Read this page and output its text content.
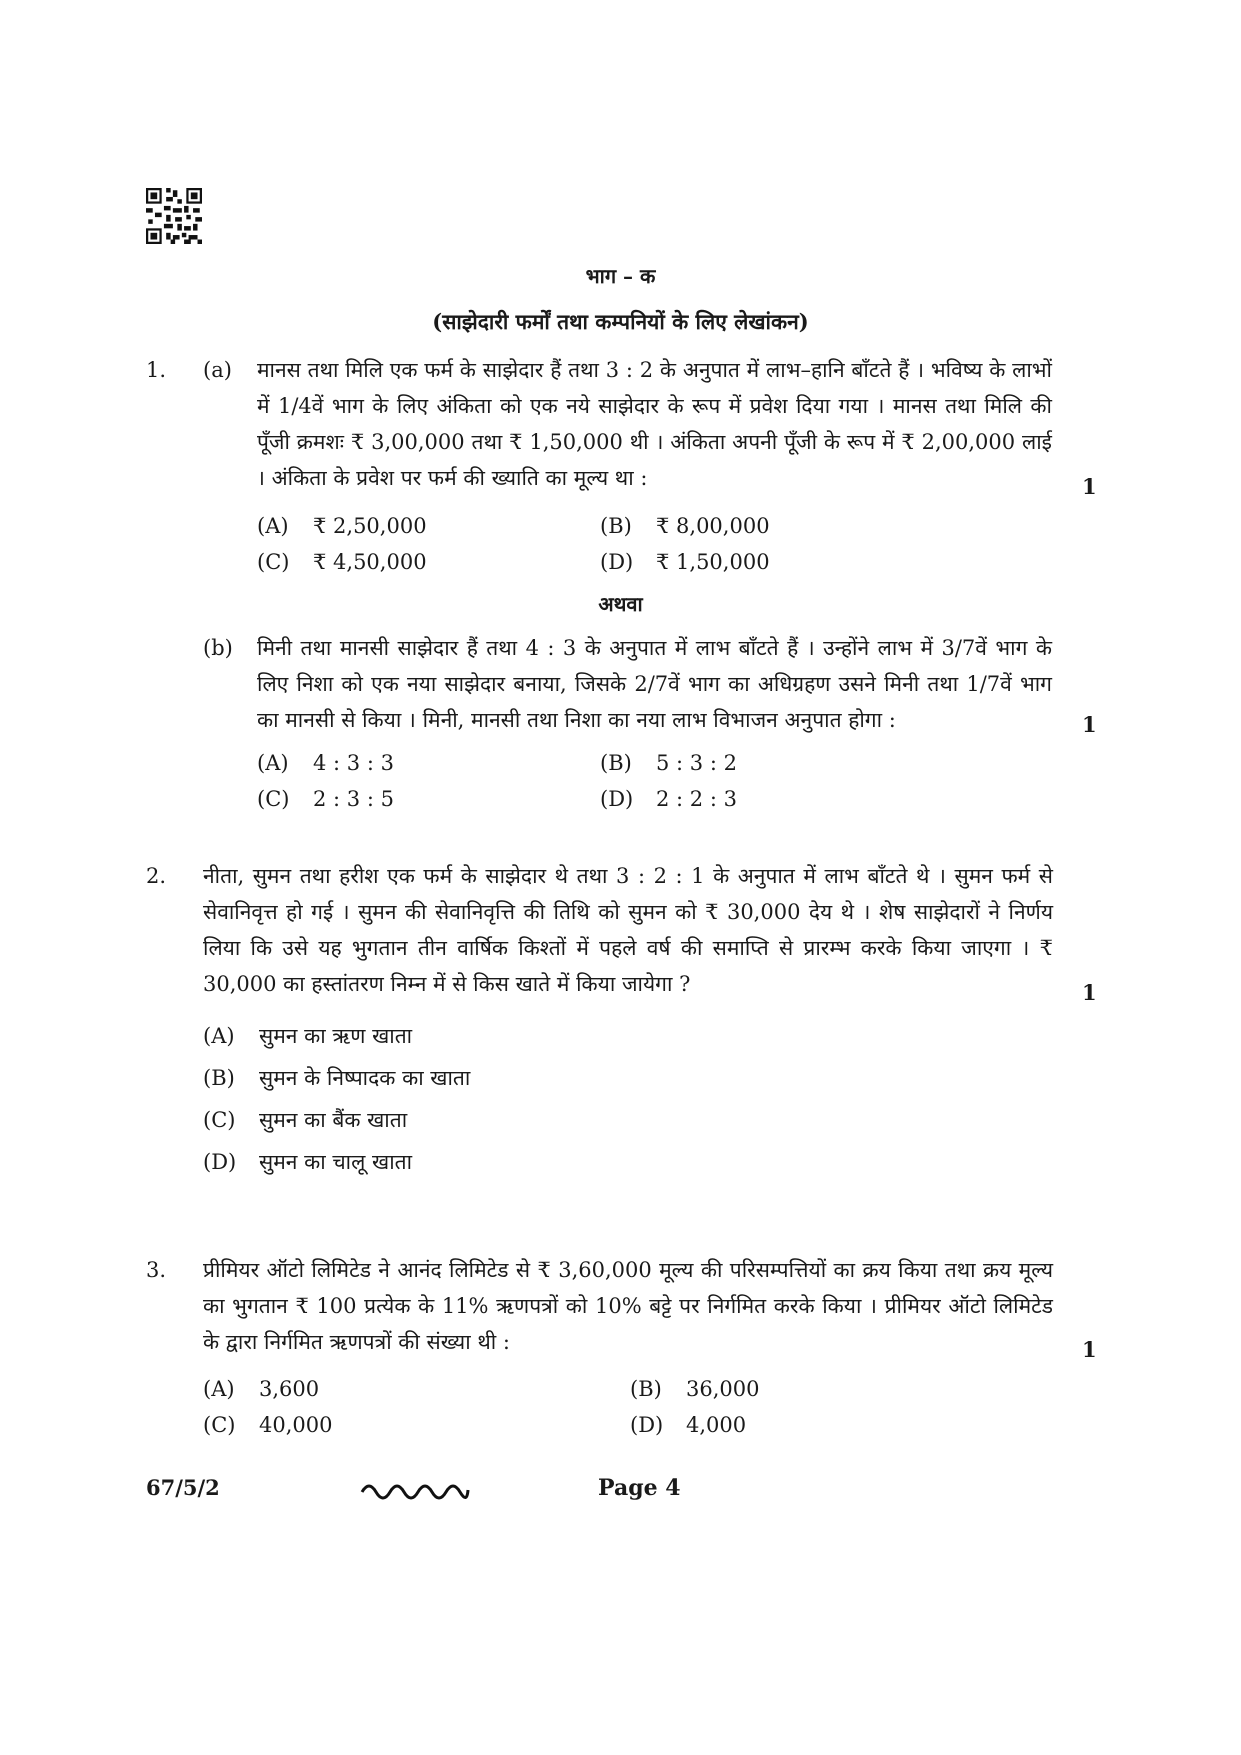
भाग – क
(साझेदारी फर्मों तथा कम्पनियों के लिए लेखांकन)
1. (a) मानस तथा मिलि एक फर्म के साझेदार हैं तथा 3 : 2 के अनुपात में लाभ–हानि बाँटते हैं । भविष्य के लाभों में 1/4वें भाग के लिए अंकिता को एक नये साझेदार के रूप में प्रवेश दिया गया । मानस तथा मिलि की पूँजी क्रमशः ₹ 3,00,000 तथा ₹ 1,50,000 थी । अंकिता अपनी पूँजी के रूप में ₹ 2,00,000 लाई । अंकिता के प्रवेश पर फर्म की ख्याति का मूल्य था :	1
(A) ₹ 2,50,000	(B) ₹ 8,00,000
(C) ₹ 4,50,000	(D) ₹ 1,50,000
अथवा
(b) मिनी तथा मानसी साझेदार हैं तथा 4 : 3 के अनुपात में लाभ बाँटते हैं । उन्होंने लाभ में 3/7वें भाग के लिए निशा को एक नया साझेदार बनाया, जिसके 2/7वें भाग का अधिग्रहण उसने मिनी तथा 1/7वें भाग का मानसी से किया । मिनी, मानसी तथा निशा का नया लाभ विभाजन अनुपात होगा :	1
(A) 4 : 3 : 3	(B) 5 : 3 : 2
(C) 2 : 3 : 5	(D) 2 : 2 : 3
2. नीता, सुमन तथा हरीश एक फर्म के साझेदार थे तथा 3 : 2 : 1 के अनुपात में लाभ बाँटते थे । सुमन फर्म से सेवानिवृत्त हो गई । सुमन की सेवानिवृत्ति की तिथि को सुमन को ₹ 30,000 देय थे । शेष साझेदारों ने निर्णय लिया कि उसे यह भुगतान तीन वार्षिक किश्तों में पहले वर्ष की समाप्ति से प्रारम्भ करके किया जाएगा । ₹ 30,000 का हस्तांतरण निम्न में से किस खाते में किया जायेगा ?	1
(A) सुमन का ऋण खाता
(B) सुमन के निष्पादक का खाता
(C) सुमन का बैंक खाता
(D) सुमन का चालू खाता
3. प्रीमियर ऑटो लिमिटेड ने आनंद लिमिटेड से ₹ 3,60,000 मूल्य की परिसम्पत्तियों का क्रय किया तथा क्रय मूल्य का भुगतान ₹ 100 प्रत्येक के 11% ऋणपत्रों को 10% बट्टे पर निर्गमित करके किया । प्रीमियर ऑटो लिमिटेड के द्वारा निर्गमित ऋणपत्रों की संख्या थी :	1
(A) 3,600	(B) 36,000
(C) 40,000	(D) 4,000
67/5/2	Page 4
